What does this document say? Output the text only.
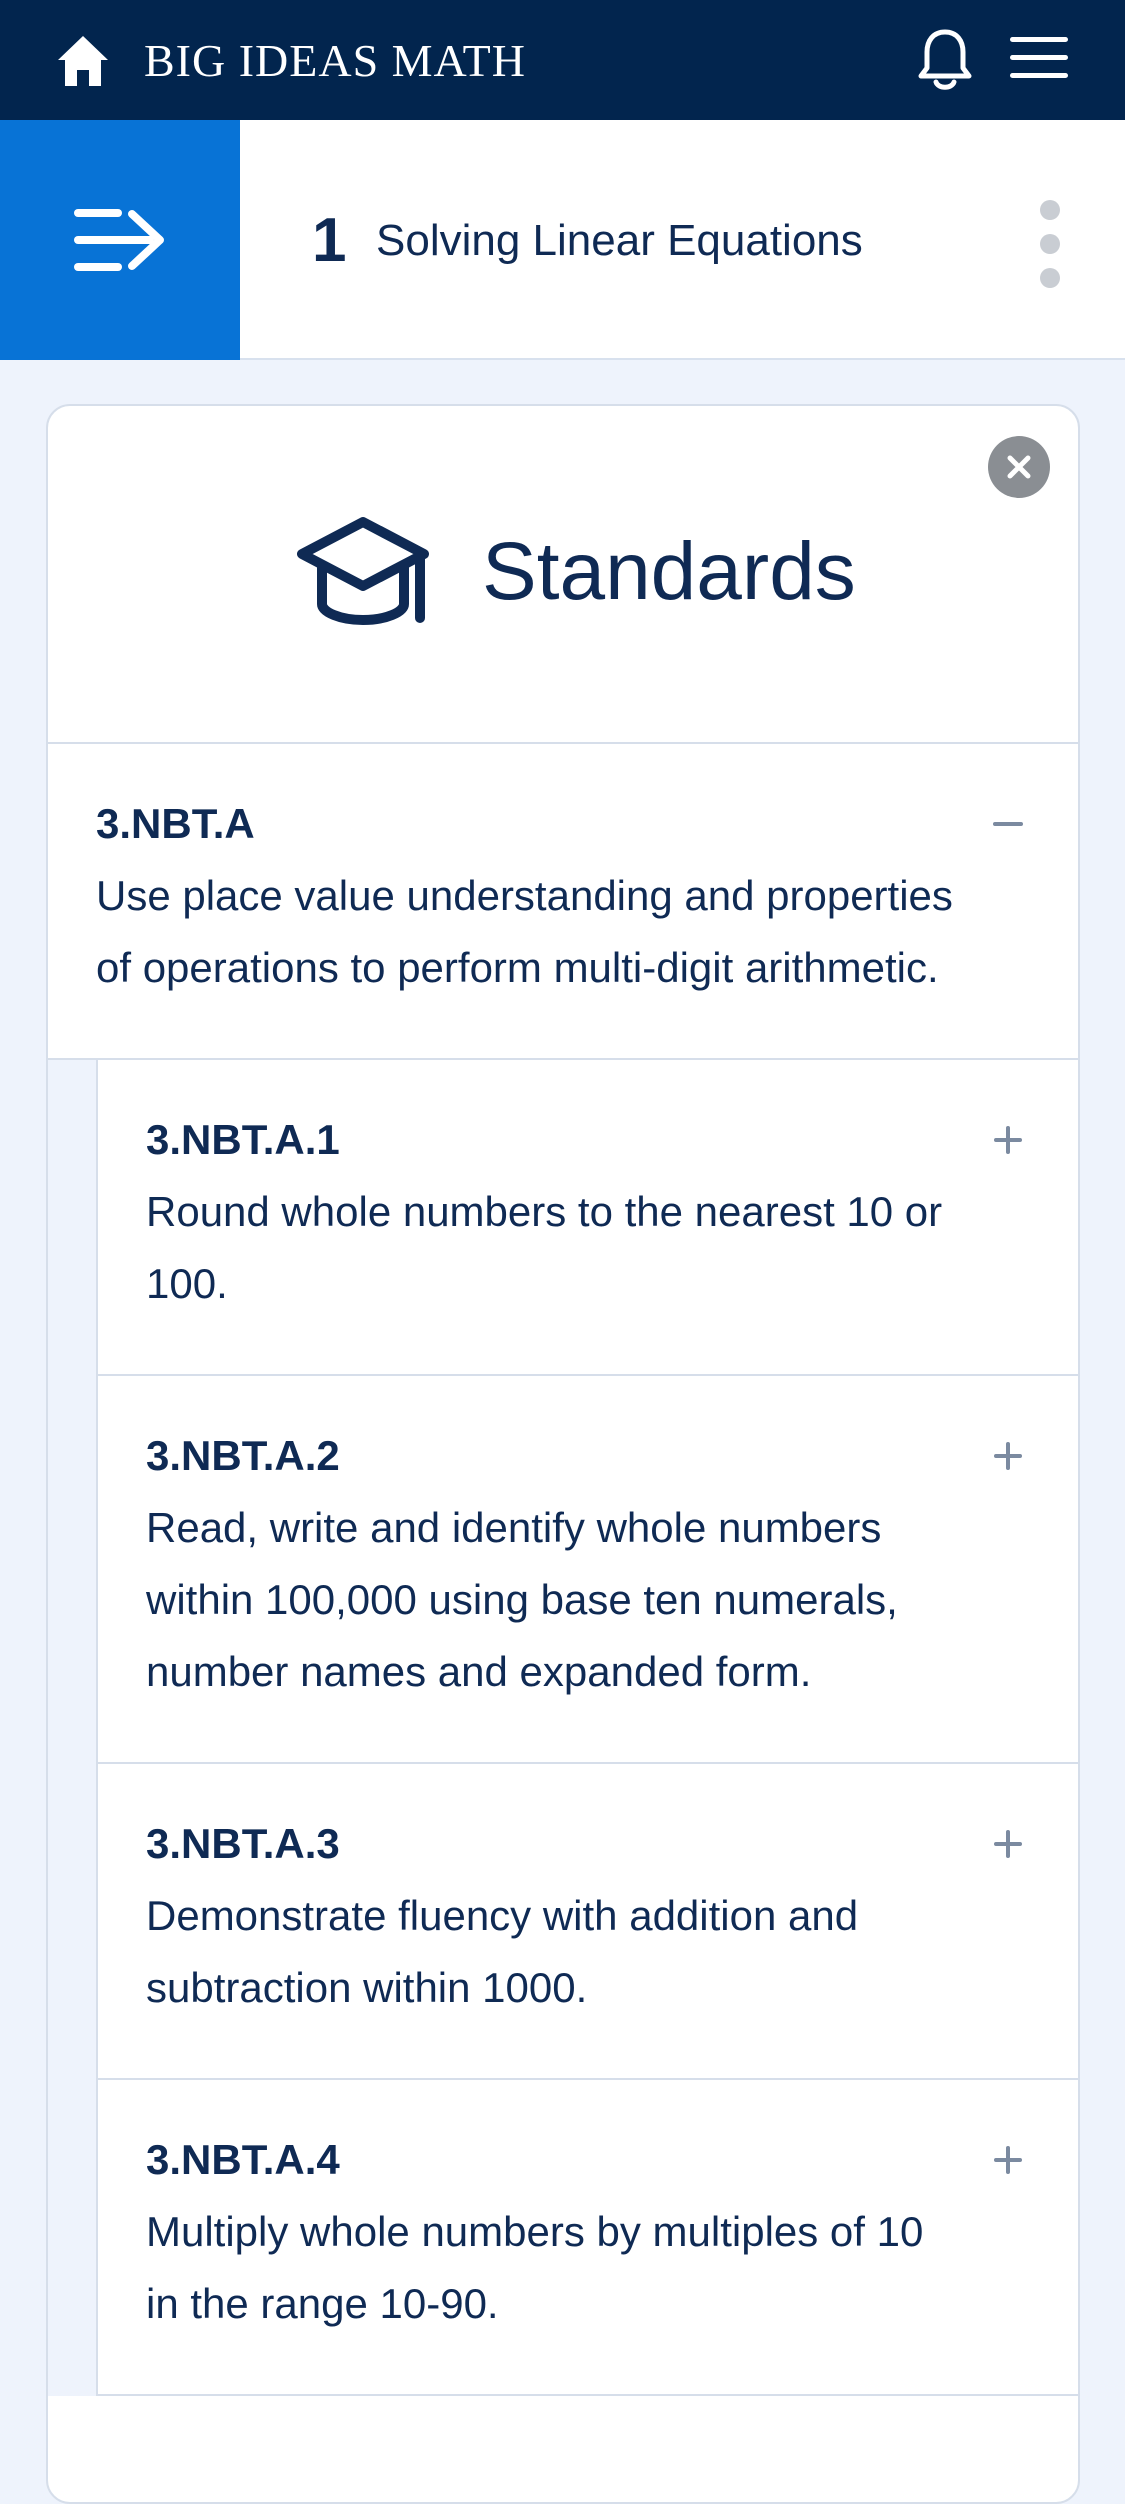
BIG IDEAS MATH
1 Solving Linear Equations
Standards
3.NBT.A
Use place value understanding and properties of operations to perform multi-digit arithmetic.
3.NBT.A.1
Round whole numbers to the nearest 10 or 100.
3.NBT.A.2
Read, write and identify whole numbers within 100,000 using base ten numerals, number names and expanded form.
3.NBT.A.3
Demonstrate fluency with addition and subtraction within 1000.
3.NBT.A.4
Multiply whole numbers by multiples of 10 in the range 10-90.
